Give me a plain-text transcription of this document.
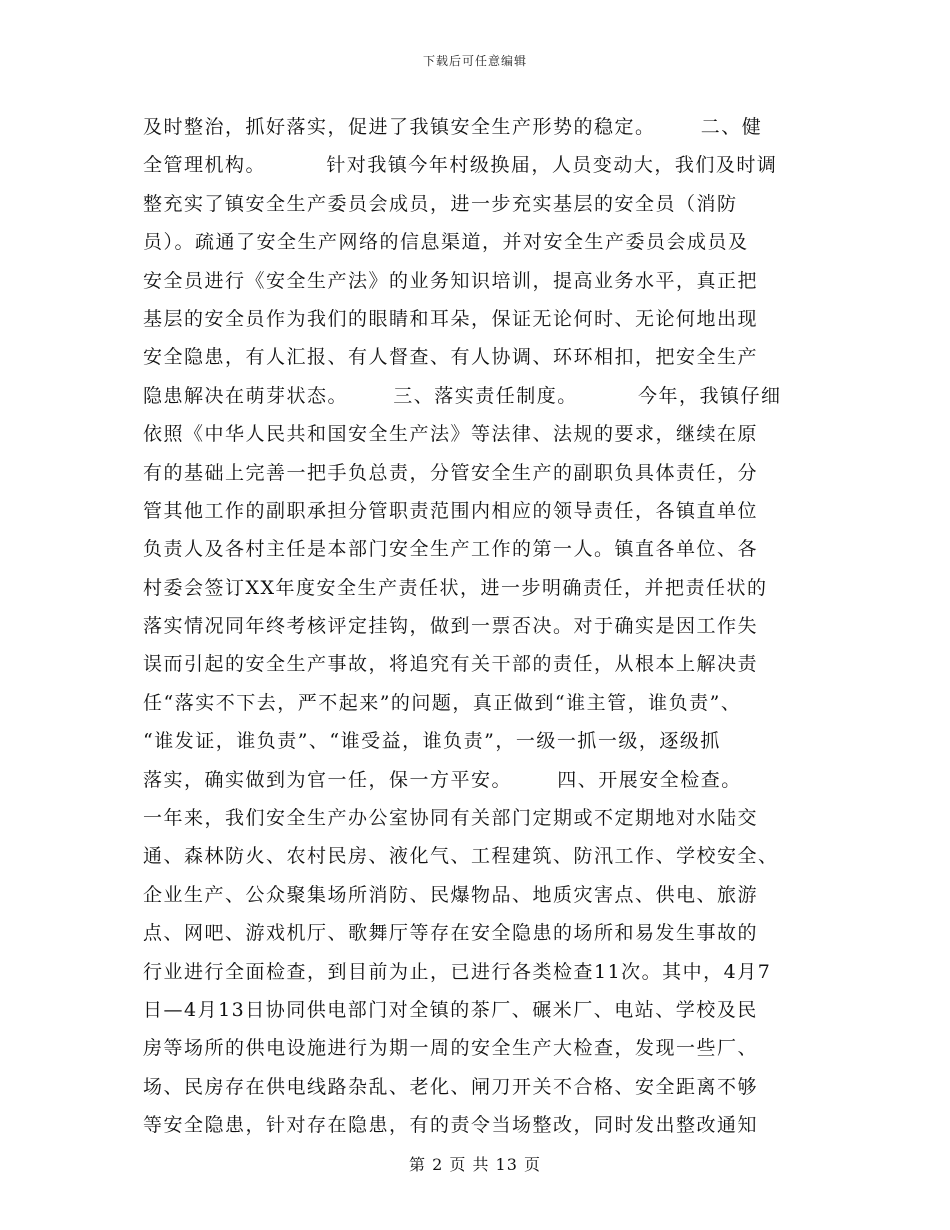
下载后可任意编辑
及时整治，抓好落实，促进了我镇安全生产形势的稳定。      二、健
全管理机构。        针对我镇今年村级换届，人员变动大，我们及时调
整充实了镇安全生产委员会成员，进一步充实基层的安全员（消防
员）。疏通了安全生产网络的信息渠道，并对安全生产委员会成员及
安全员进行《安全生产法》的业务知识培训，提高业务水平，真正把
基层的安全员作为我们的眼睛和耳朵，保证无论何时、无论何地出现
安全隐患，有人汇报、有人督查、有人协调、环环相扣，把安全生产
隐患解决在萌芽状态。      三、落实责任制度。        今年，我镇仔细
依照《中华人民共和国安全生产法》等法律、法规的要求，继续在原
有的基础上完善一把手负总责，分管安全生产的副职负具体责任，分
管其他工作的副职承担分管职责范围内相应的领导责任，各镇直单位
负责人及各村主任是本部门安全生产工作的第一人。镇直各单位、各
村委会签订XX年度安全生产责任状，进一步明确责任，并把责任状的
落实情况同年终考核评定挂钩，做到一票否决。对于确实是因工作失
误而引起的安全生产事故，将追究有关干部的责任，从根本上解决责
任“落实不下去，严不起来”的问题，真正做到“谁主管，谁负责”、
“谁发证，谁负责”、“谁受益，谁负责”，一级一抓一级，逐级抓
落实，确实做到为官一任，保一方平安。      四、开展安全检查。
一年来，我们安全生产办公室协同有关部门定期或不定期地对水陆交
通、森林防火、农村民房、液化气、工程建筑、防汛工作、学校安全、
企业生产、公众聚集场所消防、民爆物品、地质灾害点、供电、旅游
点、网吧、游戏机厅、歌舞厅等存在安全隐患的场所和易发生事故的
行业进行全面检查，到目前为止，已进行各类检查11次。其中，4月7
日—4月13日协同供电部门对全镇的茶厂、碾米厂、电站、学校及民
房等场所的供电设施进行为期一周的安全生产大检查，发现一些厂、
场、民房存在供电线路杂乱、老化、闸刀开关不合格、安全距离不够
等安全隐患，针对存在隐患，有的责令当场整改，同时发出整改通知
第 2 页 共 13 页
